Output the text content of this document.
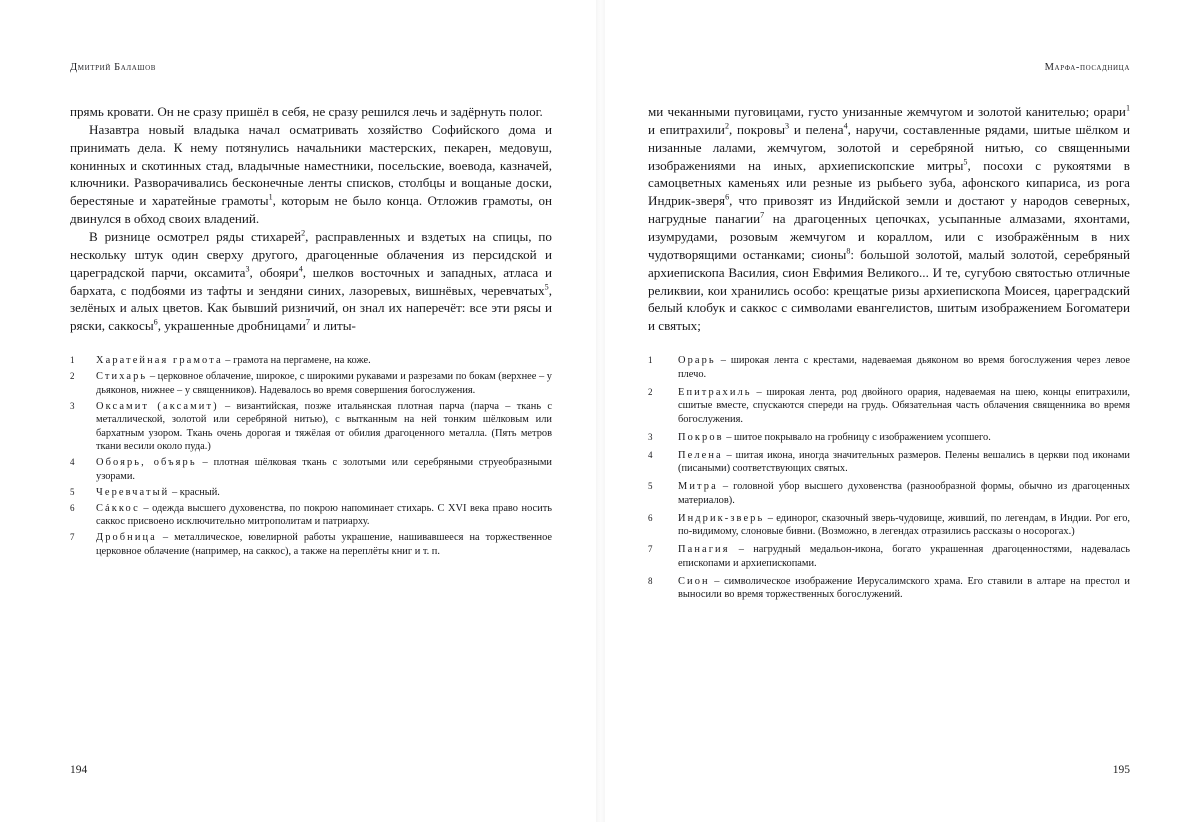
Дмитрий Балашов

прямь кровати. Он не сразу пришёл в себя, не сразу решился лечь и задёрнуть полог.

Назавтра новый владыка начал осматривать хозяйство Софийского дома и принимать дела. К нему потянулись начальники мастерских, пекарен, медовуш, конинных и скотинных стад, владычные наместники, посельские, воевода, казначей, ключники. Разворачивались бесконечные ленты списков, столбцы и вощаные доски, берестяные и харатейные грамоты$^1$, которым не было конца. Отложив грамоты, он двинулся в обход своих владений.

В ризнице осмотрел ряды стихарей$^2$, расправленных и вздетых на спицы, по нескольку штук один сверху другого, драгоценные облачения из персидской и цареградской парчи, оксамита$^3$, обояри$^4$, шелков восточных и западных, атласа и бархата, с подбоями из тафты и зендяни синих, лазоревых, вишнёвых, черевчатых$^5$, зелёных и алых цветов. Как бывший ризничий, он знал их наперечёт: все эти рясы и ряски, саккосы$^6$, украшенные дробницами$^7$ и литы-

1	Харатейная грамота – грамота на пергамене, на коже.
2	Стихарь – церковное облачение, широкое, с широкими рукавами и разрезами по бокам (верхнее – у дьяконов, нижнее – у священников). Надевалось во время совершения богослужения.
3	Оксамит (аксамит) – византийская, позже итальянская плотная парча (парча – ткань с металлической, золотой или серебряной нитью), с вытканным на ней тонким шёлковым или бархатным узором. Ткань очень дорогая и тяжёлая от обилия драгоценного металла. (Пять метров ткани весили около пуда.)
4	Обоярь, объярь – плотная шёлковая ткань с золотыми или серебряными струеобразными узорами.
5	Черевчатый – красный.
6	Сáккос – одежда высшего духовенства, по покрою напоминает стихарь. С XVI века право носить саккос присвоено исключительно митрополитам и патриарху.
7	Дробница – металлическое, ювелирной работы украшение, нашивавшееся на торжественное церковное облачение (например, на саккос), а также на переплёты книг и т. п.
194
Марфа-посадница

ми чеканными пуговицами, густо унизанные жемчугом и золотой канителью; орари$^1$ и епитрахили$^2$, покровы$^3$ и пелена$^4$, наручи, составленные рядами, шитые шёлком и низанные лалами, жемчугом, золотой и серебряной нитью, со священными изображениями на иных, архиепископские митры$^5$, посохи с рукоятями в самоцветных каменьях или резные из рыбьего зуба, афонского кипариса, из рога Индрик-зверя$^6$, что привозят из Индийской земли и достают у народов северных, нагрудные панагии$^7$ на драгоценных цепочках, усыпанные алмазами, яхонтами, изумрудами, розовым жемчугом и кораллом, или с изображённым в них чудотворящими останками; сионы$^8$: большой золотой, малый золотой, серебряный архиепископа Василия, сион Евфимия Великого... И те, сугубою святостью отличные реликвии, кои хранились особо: крещатые ризы архиепископа Моисея, цареградский белый клобук и саккос с символами евангелистов, шитым изображением Богоматери и святых;

1	Орарь – широкая лента с крестами, надеваемая дьяконом во время богослужения через левое плечо.
2	Епитрахиль – широкая лента, род двойного орария, надеваемая на шею, концы епитрахили, сшитые вместе, спускаются спереди на грудь. Обязательная часть облачения священника во время богослужения.
3	Покров – шитое покрывало на гробницу с изображением усопшего.
4	Пелена – шитая икона, иногда значительных размеров. Пелены вешались в церкви под иконами (писаными) соответствующих святых.
5	Митра – головной убор высшего духовенства (разнообразной формы, обычно из драгоценных материалов).
6	Индрик-зверь – единорог, сказочный зверь-чудовище, живший, по легендам, в Индии. Рог его, по-видимому, слоновые бивни. (Возможно, в легендах отразились рассказы о носорогах.)
7	Панагия – нагрудный медальон-икона, богато украшенная драгоценностями, надевалась епископами и архиепископами.
8	Сион – символическое изображение Иерусалимского храма. Его ставили в алтаре на престол и выносили во время торжественных богослужений.
195
